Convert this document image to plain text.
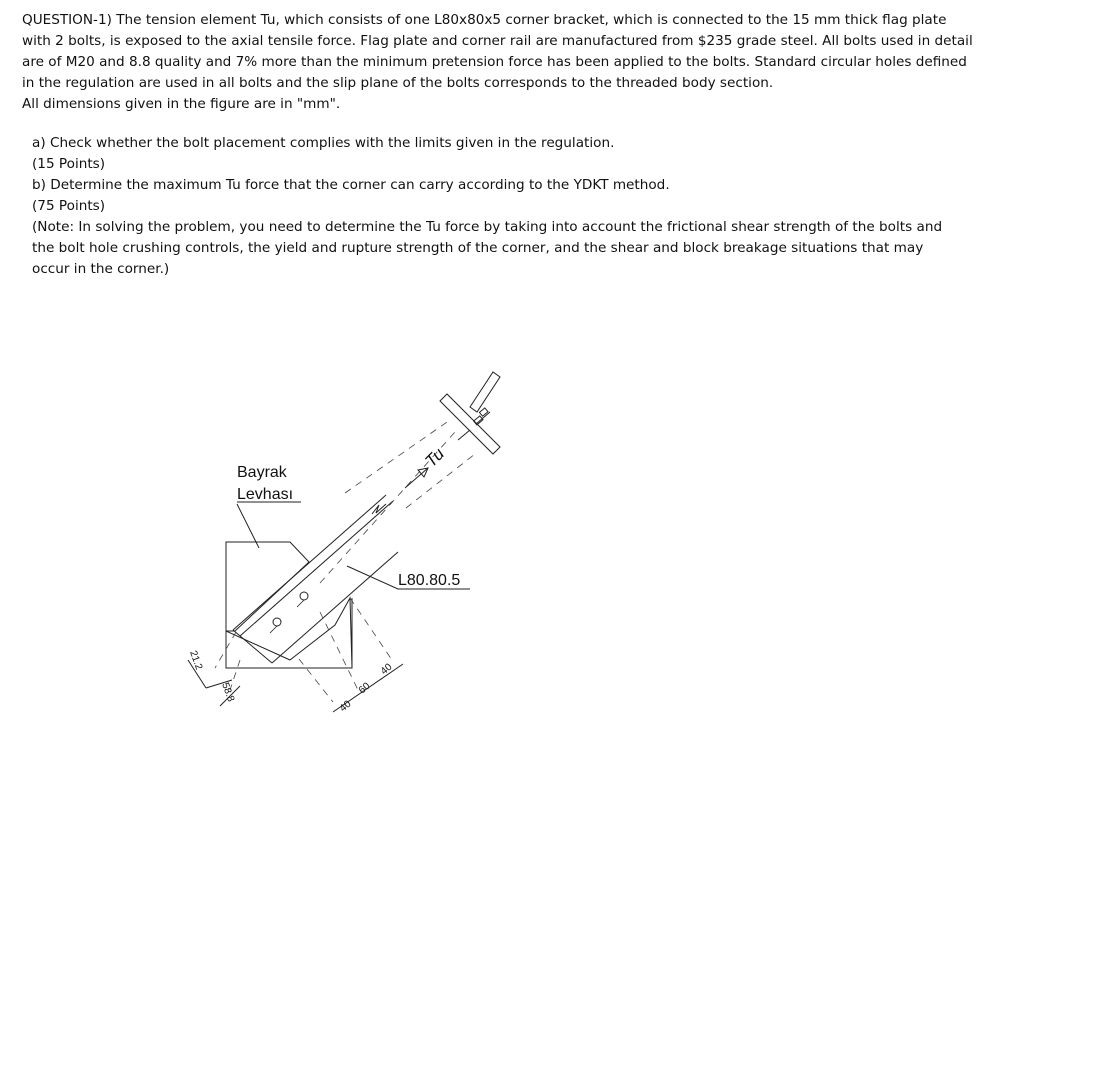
QUESTION-1) The tension element Tu, which consists of one L80x80x5 corner bracket, which is connected to the 15 mm thick flag plate

with 2 bolts, is exposed to the axial tensile force. Flag plate and corner rail are manufactured from $235 grade steel. All bolts used in detail

are of M20 and 8.8 quality and 7% more than the minimum pretension force has been applied to the bolts. Standard circular holes defined

in the regulation are used in all bolts and the slip plane of the bolts corresponds to the threaded body section.

All dimensions given in the figure are in "mm".

a) Check whether the bolt placement complies with the limits given in the regulation.

(15 Points)

b) Determine the maximum Tu force that the corner can carry according to the YDKT method.

(75 Points)

(Note: In solving the problem, you need to determine the Tu force by taking into account the frictional shear strength of the bolts and

the bolt hole crushing controls, the yield and rupture strength of the corner, and the shear and block breakage situations that may

occur in the corner.)

Bayrak
Levhası
L80.80.5
Tu
21.2
58.8
40
60
40
